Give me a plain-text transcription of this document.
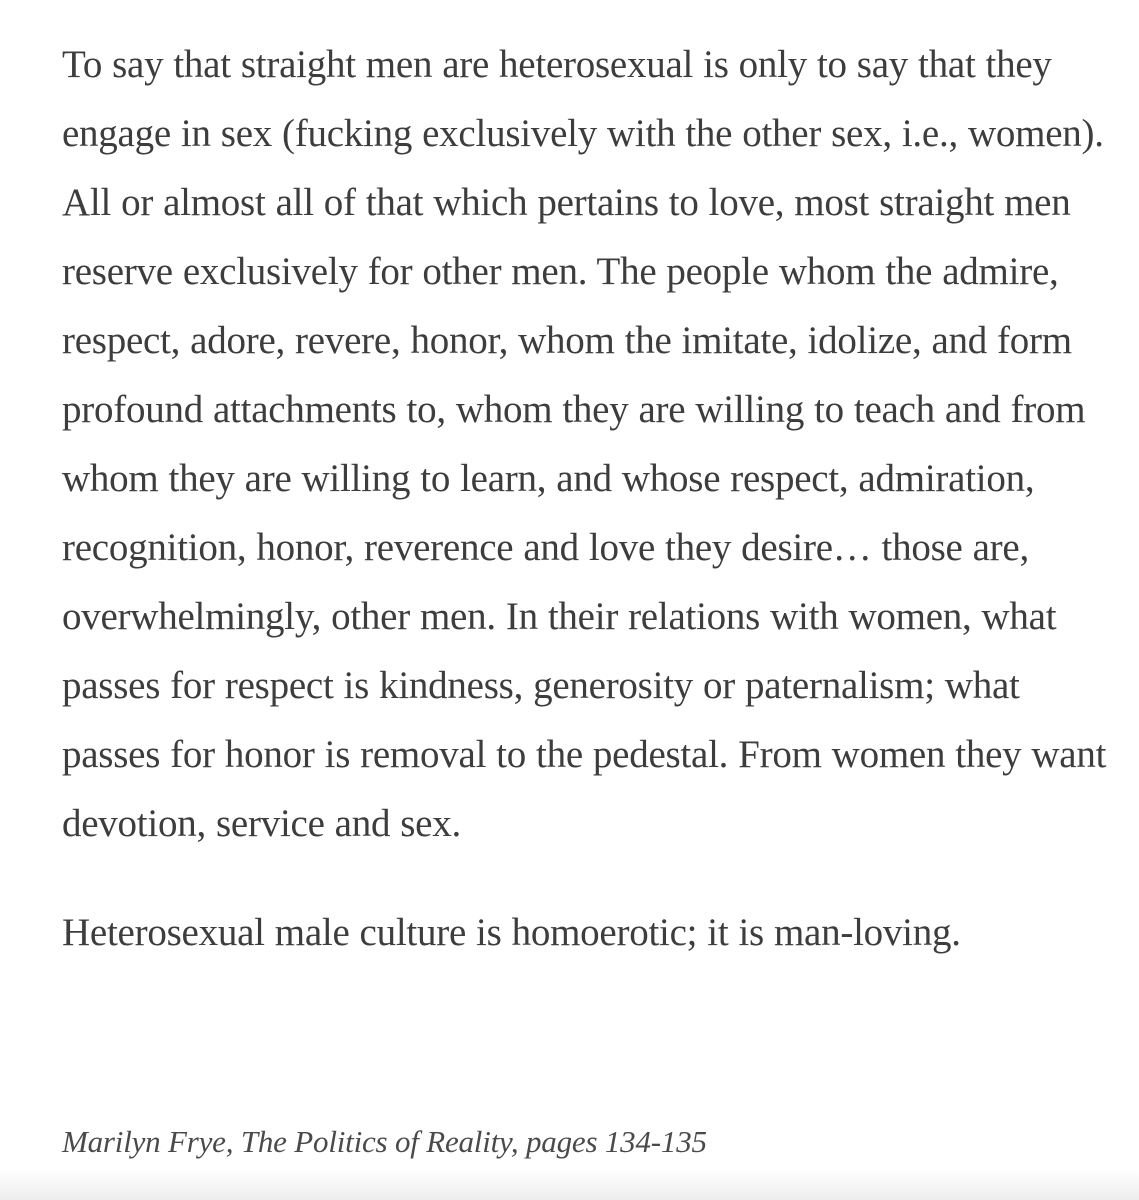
To say that straight men are heterosexual is only to say that they engage in sex (fucking exclusively with the other sex, i.e., women). All or almost all of that which pertains to love, most straight men reserve exclusively for other men. The people whom the admire, respect, adore, revere, honor, whom the imitate, idolize, and form profound attachments to, whom they are willing to teach and from whom they are willing to learn, and whose respect, admiration, recognition, honor, reverence and love they desire… those are, overwhelmingly, other men. In their relations with women, what passes for respect is kindness, generosity or paternalism; what passes for honor is removal to the pedestal. From women they want devotion, service and sex.

Heterosexual male culture is homoerotic; it is man-loving.

Marilyn Frye, The Politics of Reality, pages 134-135
